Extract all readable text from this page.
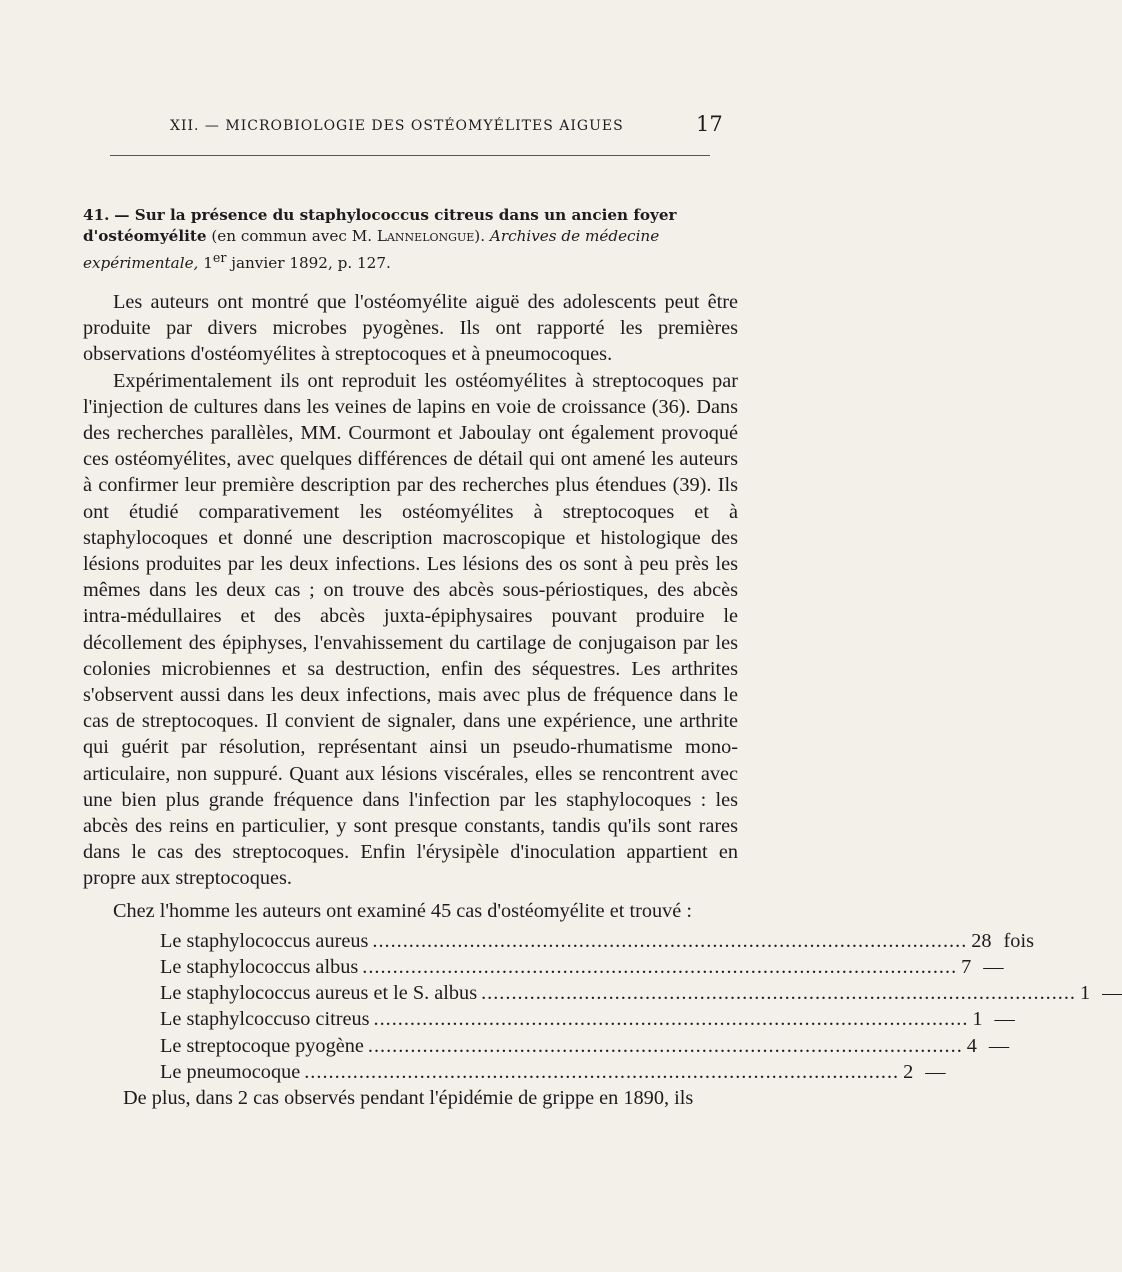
XII. — MICROBIOLOGIE DES OSTÉOMYÉLITES AIGUES	17
41. — Sur la présence du staphylococcus citreus dans un ancien foyer d'ostéomyélite (en commun avec M. Lannelongue). Archives de médecine expérimentale, 1er janvier 1892, p. 127.

Les auteurs ont montré que l'ostéomyélite aiguë des adolescents peut être produite par divers microbes pyogènes. Ils ont rapporté les premières observations d'ostéomyélites à streptocoques et à pneumocoques.

Expérimentalement ils ont reproduit les ostéomyélites à streptocoques par l'injection de cultures dans les veines de lapins en voie de croissance (36). Dans des recherches parallèles, MM. Courmont et Jaboulay ont également provoqué ces ostéomyélites, avec quelques différences de détail qui ont amené les auteurs à confirmer leur première description par des recherches plus étendues (39). Ils ont étudié comparativement les ostéomyélites à streptocoques et à staphylocoques et donné une description macroscopique et histologique des lésions produites par les deux infections. Les lésions des os sont à peu près les mêmes dans les deux cas ; on trouve des abcès sous-périostiques, des abcès intra-médullaires et des abcès juxta-épiphysaires pouvant produire le décollement des épiphyses, l'envahissement du cartilage de conjugaison par les colonies microbiennes et sa destruction, enfin des séquestres. Les arthrites s'observent aussi dans les deux infections, mais avec plus de fréquence dans le cas de streptocoques. Il convient de signaler, dans une expérience, une arthrite qui guérit par résolution, représentant ainsi un pseudo-rhumatisme mono-articulaire, non suppuré. Quant aux lésions viscérales, elles se rencontrent avec une bien plus grande fréquence dans l'infection par les staphylocoques : les abcès des reins en particulier, y sont presque constants, tandis qu'ils sont rares dans le cas des streptocoques. Enfin l'érysipèle d'inoculation appartient en propre aux streptocoques.

Chez l'homme les auteurs ont examiné 45 cas d'ostéomyélite et trouvé :

Le staphylococcus aureus .................................................................................................. 28 fois
Le staphylococcus albus .................................................................................................. 7 —
Le staphylococcus aureus et le S. albus .................................................................................................. 1 —
Le staphylcoccuso citreus .................................................................................................. 1 —
Le streptocoque pyogène .................................................................................................. 4 —
Le pneumocoque .................................................................................................. 2 —

De plus, dans 2 cas observés pendant l'épidémie de grippe en 1890, ils
